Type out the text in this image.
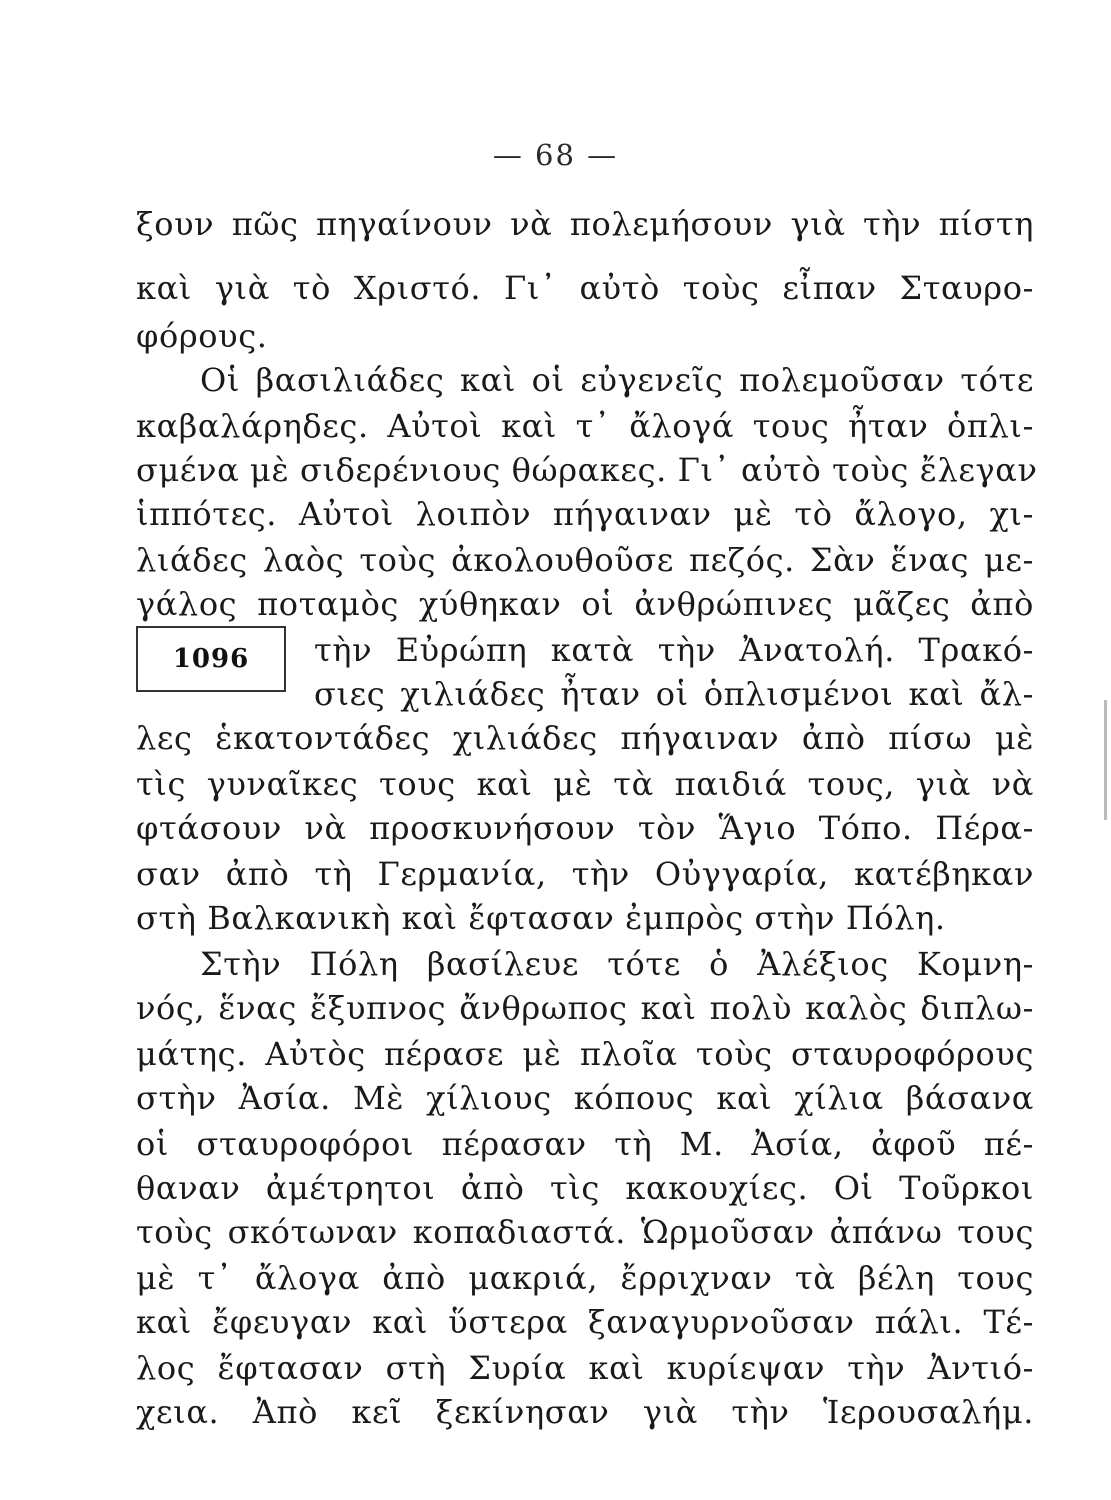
— 68 —
ξουν πῶς πηγαίνουν νὰ πολεμήσουν γιὰ τὴν πίστη
καὶ γιὰ τὸ Χριστό. Γι᾿ αὐτὸ τοὺς εἶπαν Σταυρο-
φόρους.
Οἱ βασιλιάδες καὶ οἱ εὐγενεῖς πολεμοῦσαν τότε
καβαλάρηδες. Αὐτοὶ καὶ τ᾿ ἄλογά τους ἦταν ὁπλι-
σμένα μὲ σιδερένιους θώρακες. Γι᾿ αὐτὸ τοὺς ἔλεγαν
ἱππότες. Αὐτοὶ λοιπὸν πήγαιναν μὲ τὸ ἄλογο, χι-
λιάδες λαὸς τοὺς ἀκολουθοῦσε πεζός. Σὰν ἕνας με-
γάλος ποταμὸς χύθηκαν οἱ ἀνθρώπινες μᾶζες ἀπὸ
1096	τὴν Εὐρώπη κατὰ τὴν Ἀνατολή. Τρακό-
σιες χιλιάδες ἦταν οἱ ὁπλισμένοι καὶ ἄλ-
λες ἑκατοντάδες χιλιάδες πήγαιναν ἀπὸ πίσω μὲ
τὶς γυναῖκες τους καὶ μὲ τὰ παιδιά τους, γιὰ νὰ
φτάσουν νὰ προσκυνήσουν τὸν Ἅγιο Τόπο. Πέρα-
σαν ἀπὸ τὴ Γερμανία, τὴν Οὐγγαρία, κατέβηκαν
στὴ Βαλκανικὴ καὶ ἔφτασαν ἐμπρὸς στὴν Πόλη.
Στὴν Πόλη βασίλευε τότε ὁ Ἀλέξιος Κομνη-
νός, ἕνας ἔξυπνος ἄνθρωπος καὶ πολὺ καλὸς διπλω-
μάτης. Αὐτὸς πέρασε μὲ πλοῖα τοὺς σταυροφόρους
στὴν Ἀσία. Μὲ χίλιους κόπους καὶ χίλια βάσανα
οἱ σταυροφόροι πέρασαν τὴ Μ. Ἀσία, ἀφοῦ πέ-
θαναν ἀμέτρητοι ἀπὸ τὶς κακουχίες. Οἱ Τοῦρκοι
τοὺς σκότωναν κοπαδιαστά. Ὡρμοῦσαν ἀπάνω τους
μὲ τ᾿ ἄλογα ἀπὸ μακριά, ἔρριχναν τὰ βέλη τους
καὶ ἔφευγαν καὶ ὕστερα ξαναγυρνοῦσαν πάλι. Τέ-
λος ἔφτασαν στὴ Συρία καὶ κυρίεψαν τὴν Ἀντιό-
χεια. Ἀπὸ κεῖ ξεκίνησαν γιὰ τὴν Ἱερουσαλήμ.
